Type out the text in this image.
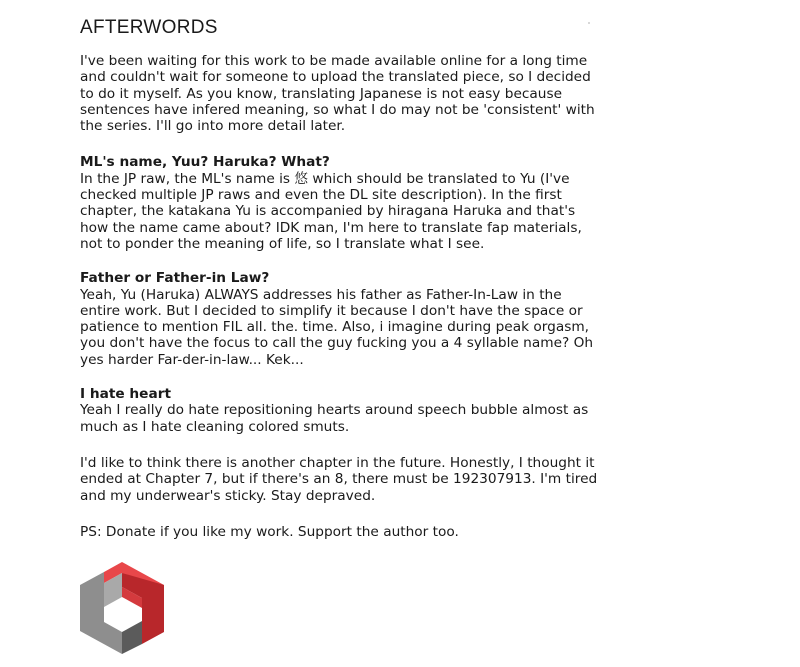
AFTERWORDS

I've been waiting for this work to be made available online for a long time and couldn't wait for someone to upload the translated piece, so I decided to do it myself. As you know, translating Japanese is not easy because sentences have infered meaning, so what I do may not be 'consistent' with the series. I'll go into more detail later.

ML's name, Yuu? Haruka? What?
In the JP raw, the ML's name is 悠 which should be translated to Yu (I've checked multiple JP raws and even the DL site description). In the first chapter, the katakana Yu is accompanied by hiragana Haruka and that's how the name came about? IDK man, I'm here to translate fap materials, not to ponder the meaning of life, so I translate what I see.

Father or Father-in Law?
Yeah, Yu (Haruka) ALWAYS addresses his father as Father-In-Law in the entire work. But I decided to simplify it because I don't have the space or patience to mention FIL all. the. time. Also, i imagine during peak orgasm, you don't have the focus to call the guy fucking you a 4 syllable name? Oh yes harder Far-der-in-law... Kek...

I hate heart
Yeah I really do hate repositioning hearts around speech bubble almost as much as I hate cleaning colored smuts.

I'd like to think there is another chapter in the future. Honestly, I thought it ended at Chapter 7, but if there's an 8, there must be 192307913. I'm tired and my underwear's sticky. Stay depraved.

PS: Donate if you like my work. Support the author too.
